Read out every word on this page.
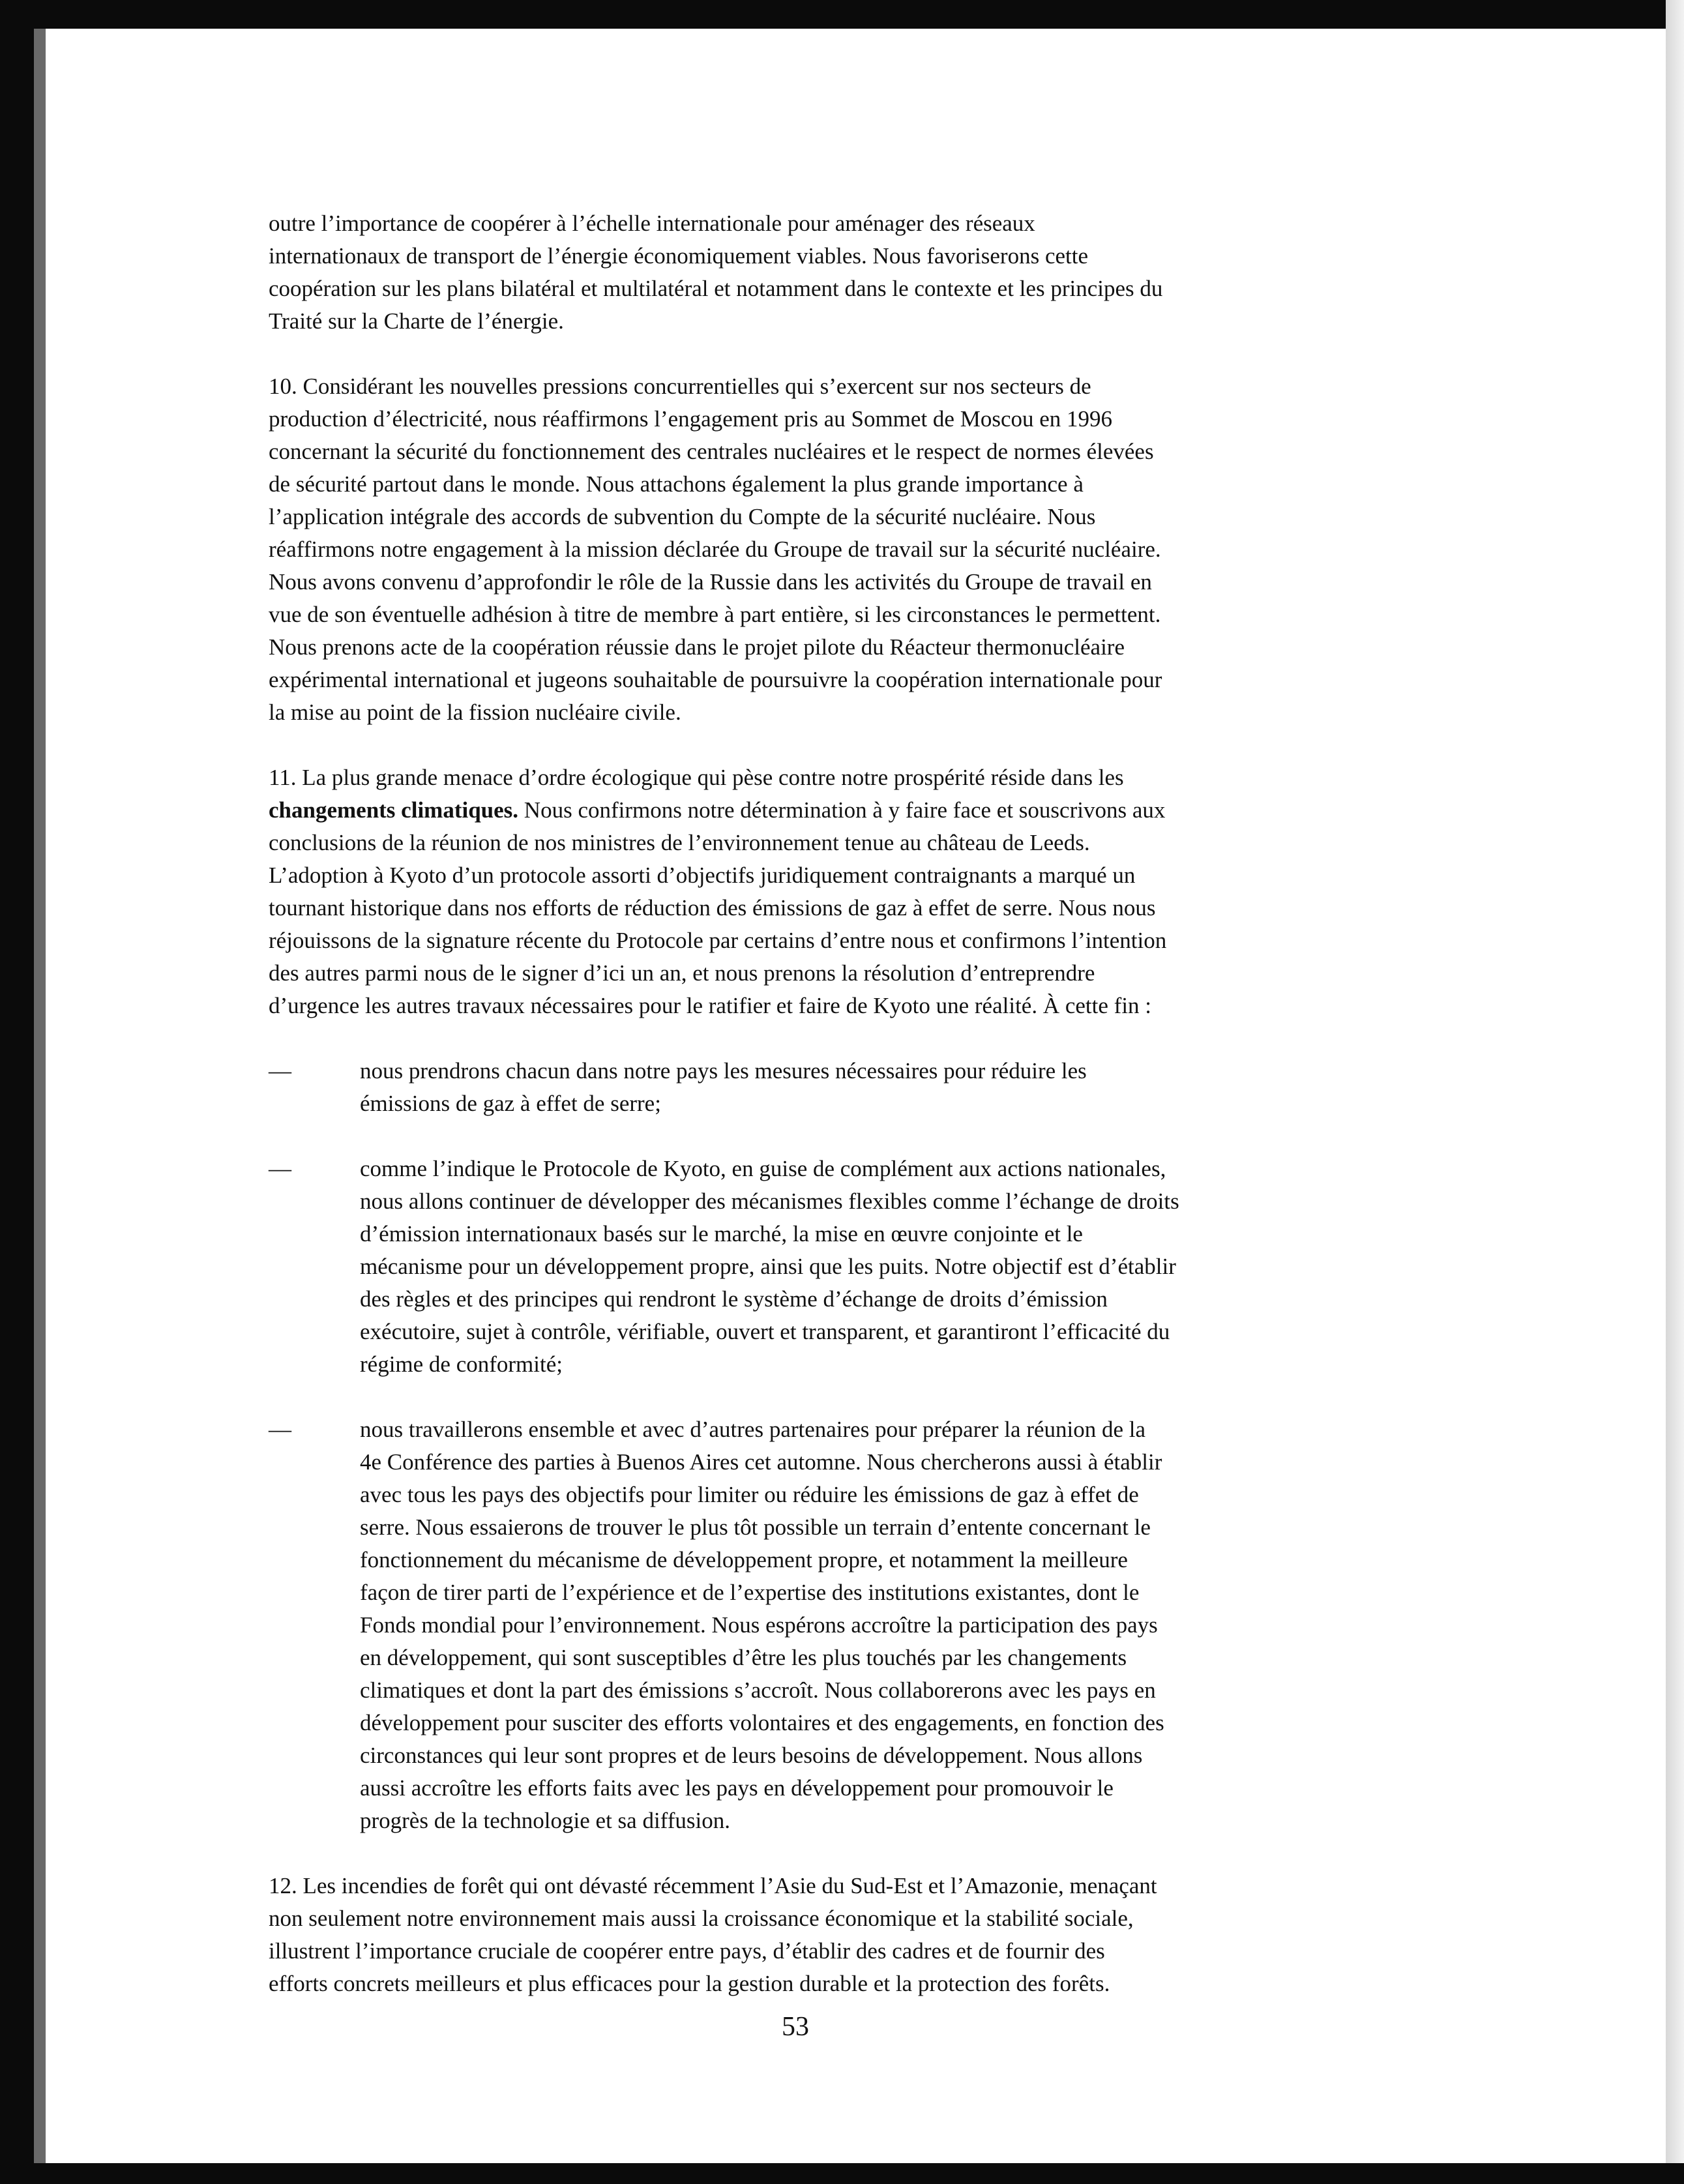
outre l’importance de coopérer à l’échelle internationale pour aménager des réseaux
internationaux de transport de l’énergie économiquement viables. Nous favoriserons cette
coopération sur les plans bilatéral et multilatéral et notamment dans le contexte et les principes du
Traité sur la Charte de l’énergie.

10. Considérant les nouvelles pressions concurrentielles qui s’exercent sur nos secteurs de
production d’électricité, nous réaffirmons l’engagement pris au Sommet de Moscou en 1996
concernant la sécurité du fonctionnement des centrales nucléaires et le respect de normes élevées
de sécurité partout dans le monde. Nous attachons également la plus grande importance à
l’application intégrale des accords de subvention du Compte de la sécurité nucléaire. Nous
réaffirmons notre engagement à la mission déclarée du Groupe de travail sur la sécurité nucléaire.
Nous avons convenu d’approfondir le rôle de la Russie dans les activités du Groupe de travail en
vue de son éventuelle adhésion à titre de membre à part entière, si les circonstances le permettent.
Nous prenons acte de la coopération réussie dans le projet pilote du Réacteur thermonucléaire
expérimental international et jugeons souhaitable de poursuivre la coopération internationale pour
la mise au point de la fission nucléaire civile.

11. La plus grande menace d’ordre écologique qui pèse contre notre prospérité réside dans les
changements climatiques. Nous confirmons notre détermination à y faire face et souscrivons aux
conclusions de la réunion de nos ministres de l’environnement tenue au château de Leeds.
L’adoption à Kyoto d’un protocole assorti d’objectifs juridiquement contraignants a marqué un
tournant historique dans nos efforts de réduction des émissions de gaz à effet de serre. Nous nous
réjouissons de la signature récente du Protocole par certains d’entre nous et confirmons l’intention
des autres parmi nous de le signer d’ici un an, et nous prenons la résolution d’entreprendre
d’urgence les autres travaux nécessaires pour le ratifier et faire de Kyoto une réalité. À cette fin :

—	nous prendrons chacun dans notre pays les mesures nécessaires pour réduire les
émissions de gaz à effet de serre;
—	comme l’indique le Protocole de Kyoto, en guise de complément aux actions nationales,
nous allons continuer de développer des mécanismes flexibles comme l’échange de droits
d’émission internationaux basés sur le marché, la mise en œuvre conjointe et le
mécanisme pour un développement propre, ainsi que les puits. Notre objectif est d’établir
des règles et des principes qui rendront le système d’échange de droits d’émission
exécutoire, sujet à contrôle, vérifiable, ouvert et transparent, et garantiront l’efficacité du
régime de conformité;
—	nous travaillerons ensemble et avec d’autres partenaires pour préparer la réunion de la
4e Conférence des parties à Buenos Aires cet automne. Nous chercherons aussi à établir
avec tous les pays des objectifs pour limiter ou réduire les émissions de gaz à effet de
serre. Nous essaierons de trouver le plus tôt possible un terrain d’entente concernant le
fonctionnement du mécanisme de développement propre, et notamment la meilleure
façon de tirer parti de l’expérience et de l’expertise des institutions existantes, dont le
Fonds mondial pour l’environnement. Nous espérons accroître la participation des pays
en développement, qui sont susceptibles d’être les plus touchés par les changements
climatiques et dont la part des émissions s’accroît. Nous collaborerons avec les pays en
développement pour susciter des efforts volontaires et des engagements, en fonction des
circonstances qui leur sont propres et de leurs besoins de développement. Nous allons
aussi accroître les efforts faits avec les pays en développement pour promouvoir le
progrès de la technologie et sa diffusion.

12. Les incendies de forêt qui ont dévasté récemment l’Asie du Sud-Est et l’Amazonie, menaçant
non seulement notre environnement mais aussi la croissance économique et la stabilité sociale,
illustrent l’importance cruciale de coopérer entre pays, d’établir des cadres et de fournir des
efforts concrets meilleurs et plus efficaces pour la gestion durable et la protection des forêts.

53
